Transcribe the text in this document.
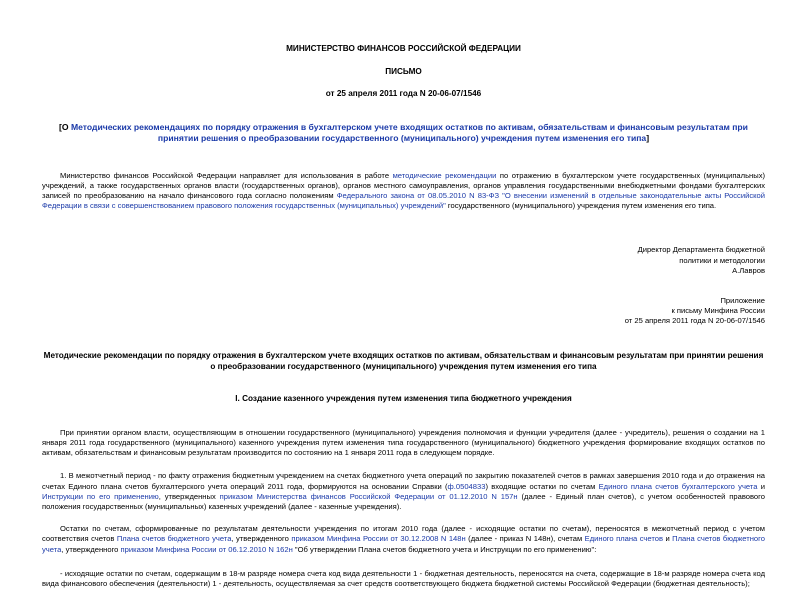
МИНИСТЕРСТВО ФИНАНСОВ РОССИЙСКОЙ ФЕДЕРАЦИИ
ПИСЬМО
от 25 апреля 2011 года N 20-06-07/1546
[О Методических рекомендациях по порядку отражения в бухгалтерском учете входящих остатков по активам, обязательствам и финансовым результатам при принятии решения о преобразовании государственного (муниципального) учреждения путем изменения его типа]

Министерство финансов Российской Федерации направляет для использования в работе методические рекомендации по отражению в бухгалтерском учете государственных (муниципальных) учреждений, а также государственных органов власти (государственных органов), органов местного самоуправления, органов управления государственными внебюджетными фондами бухгалтерских записей по преобразованию на начало финансового года согласно положениям Федерального закона от 08.05.2010 N 83-ФЗ "О внесении изменений в отдельные законодательные акты Российской Федерации в связи с совершенствованием правового положения государственных (муниципальных) учреждений" государственного (муниципального) учреждения путем изменения его типа.

Директор Департамента бюджетной
политики и методологии
А.Лавров
Приложение
к письму Минфина России
от 25 апреля 2011 года N 20-06-07/1546
Методические рекомендации по порядку отражения в бухгалтерском учете входящих остатков по активам, обязательствам и финансовым результатам при принятии решения о преобразовании государственного (муниципального) учреждения путем изменения его типа
I. Создание казенного учреждения путем изменения типа бюджетного учреждения

При принятии органом власти, осуществляющим в отношении государственного (муниципального) учреждения полномочия и функции учредителя (далее - учредитель), решения о создании на 1 января 2011 года государственного (муниципального) казенного учреждения путем изменения типа государственного (муниципального) бюджетного учреждения формирование входящих остатков по активам, обязательствам и финансовым результатам производится по состоянию на 1 января 2011 года в следующем порядке.

1. В межотчетный период - по факту отражения бюджетным учреждением на счетах бюджетного учета операций по закрытию показателей счетов в рамках завершения 2010 года и до отражения на счетах Единого плана счетов бухгалтерского учета операций 2011 года, формируются на основании Справки (ф.0504833) входящие остатки по счетам Единого плана счетов бухгалтерского учета и Инструкции по его применению, утвержденных приказом Министерства финансов Российской Федерации от 01.12.2010 N 157н (далее - Единый план счетов), с учетом особенностей правового положения государственных (муниципальных) казенных учреждений (далее - казенные учреждения).

Остатки по счетам, сформированные по результатам деятельности учреждения по итогам 2010 года (далее - исходящие остатки по счетам), переносятся в межотчетный период с учетом соответствия счетов Плана счетов бюджетного учета, утвержденного приказом Минфина России от 30.12.2008 N 148н (далее - приказ N 148н), счетам Единого плана счетов и Плана счетов бюджетного учета, утвержденного приказом Минфина России от 06.12.2010 N 162н "Об утверждении Плана счетов бюджетного учета и Инструкции по его применению":

- исходящие остатки по счетам, содержащим в 18-м разряде номера счета код вида деятельности 1 - бюджетная деятельность, переносятся на счета, содержащие в 18-м разряде номера счета код вида финансового обеспечения (деятельности) 1 - деятельность, осуществляемая за счет средств соответствующего бюджета бюджетной системы Российской Федерации (бюджетная деятельность);
